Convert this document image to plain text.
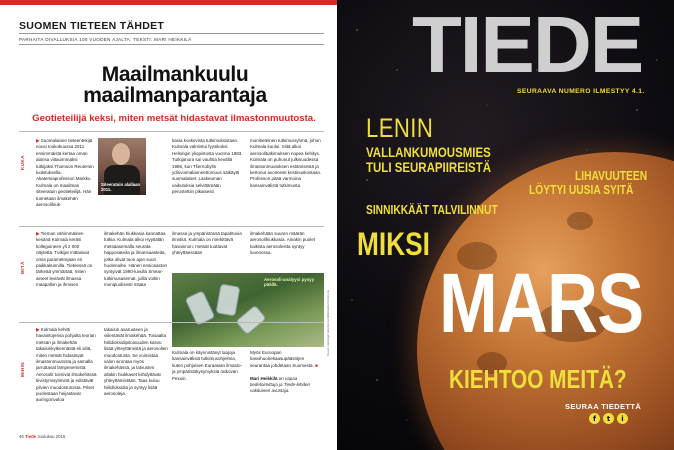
SUOMEN TIETEEN TÄHDET
PARHAITA OIVALLUKSIA 100 VUODEN AJALTA. TEKSTI: MARI HEIKKILÄ
Maailmankuulu maailmanparantaja
Geotieteilijä keksi, miten metsät hidastavat ilmastonmuutosta.
KUKA
▶ Suomalainen tieteentekijä nousi toukokuussa 2011 ensimmäistä kertaa oman alansa viitauimmaksi tutkijaksi Thomson Reutersin luokituksella. Akatemiaprofessori Markku Kulmala on maailman siteeratuin geotieteilijä. Hän tunnetaan ilmakehän aerosolihiuk-
Siteeratuin alallaan 2011.
kasia koskevista tutkimuksistaan. Kulmala valmistui fyysikoksi Helsingin yliopistosta vuonna 1983. Tutkijanura sai vauhtia kevällä 1986, kun Tšernobylin ydinvoimalaonnettomuus säikäytti suomalaiset. Laskeuman vaikutuksia selvittämään perustettiin pikaisesti
monitieteinen tutkimusryhmä, johon Kulmala kuului. Siitä alkoi aerosolitutkimuksen nopea kehitys. Kulmala on puhunut julkisuudessa ilmastonmuutoksen estämisestä ja kertonut avoimesti kristinuskostaan. Professori pitää varmoina kansainvälistä tutkimusta.
MITÄ
▶ Tieman vähimmäinen kesänä Kulmala keräsi kollegoineen yli 2 000 näytettä. Tutkijat mittasivat omia parametrejaan eri paikkakunnilla. Tieteessä on tärkeää ymmärtää, miten aineet leviävät ilmassa maapallon ja ihmisen
ilmakehän hiukkasia kannattaa tutkia. Kulmala alkoi Hyytiälän metsäasemalla seurata happosateita ja ilmansaasteita, jotka olivat tuon ajan suuri huolenaihe. Hänen ensiosaston syntyivät 1990-luvulla Smear-tutkimusasemat, joilla voitiin monipuolisesti mitata
ilmassa ja ympäristössä tapahtuvia ilmiöitä. Kulmala on merkittävä havainnon: metsät tuottavat yhteyttäessään
ilmakehään suuren määrän aerosolihiukkasia. Ainakin puolet kaikista aerosoleista syntyy luonnossa.
Aerosoli-analyysi pysyy päällä.
Kuvat: Helsingin yliopisto ja Wikimedia Commons
MIHIN
▶ Kulmala kehitti havaintojensa pohjalta teorian metsän ja ilmakehän takaisinkytkennästä eli siitä, miten metsät hidastavat ilmastonmuutosta ja samalla jarruttavat lämpenemistä. Aerosolit toimivat ilmakehässä tiivistymisytiminä ja edistävät pilvien muodostumista. Pilvet puolestaan heijastavat auringonvaloa
takaisin avaruuteen ja viilentävät ilmakehää. Toisaalta hiilidioksidipitoisuuden kasvu lisää yhteyttämistä ja aerosolien muodostusta. Se voimistaa valon sirontaa myös ilmakehässä, ja latvusten allakin hiukkaset kiihdyttävät yhteyttämistään. Taas kuluu hiilidioksidia ja syntyy lisää aerosoleja.
Kulmala on käynnistänyt laajoja kansainvälisiä tutkimusohjelmia, kuten pohjoisen Euraasian ilmasto- ja ympäristökysymyksiä ratkovan Pexxin.
Myös Euroopan kasvihuonekaasupäästöjen seurantaa johdetaan Suomesta. ■

Mari Heikkilä on vapaa tiedetoimittaja ja Tiede-lehden vakituinen avustaja.
46 Tiede Joulukuu 2016
TIEDE
SEURAAVA NUMERO ILMESTYY 4.1.
LENIN
VALLANKUMOUSMIES
TULI SEURAPIIREISTÄ
LIHAVUUTEEN
LÖYTYI UUSIA SYITÄ
SINNIKKÄÄT TALVILINNUT
MIKSI
MARS
KIEHTOO MEITÄ?
SEURAA TIEDETTÄ
f	t	i
